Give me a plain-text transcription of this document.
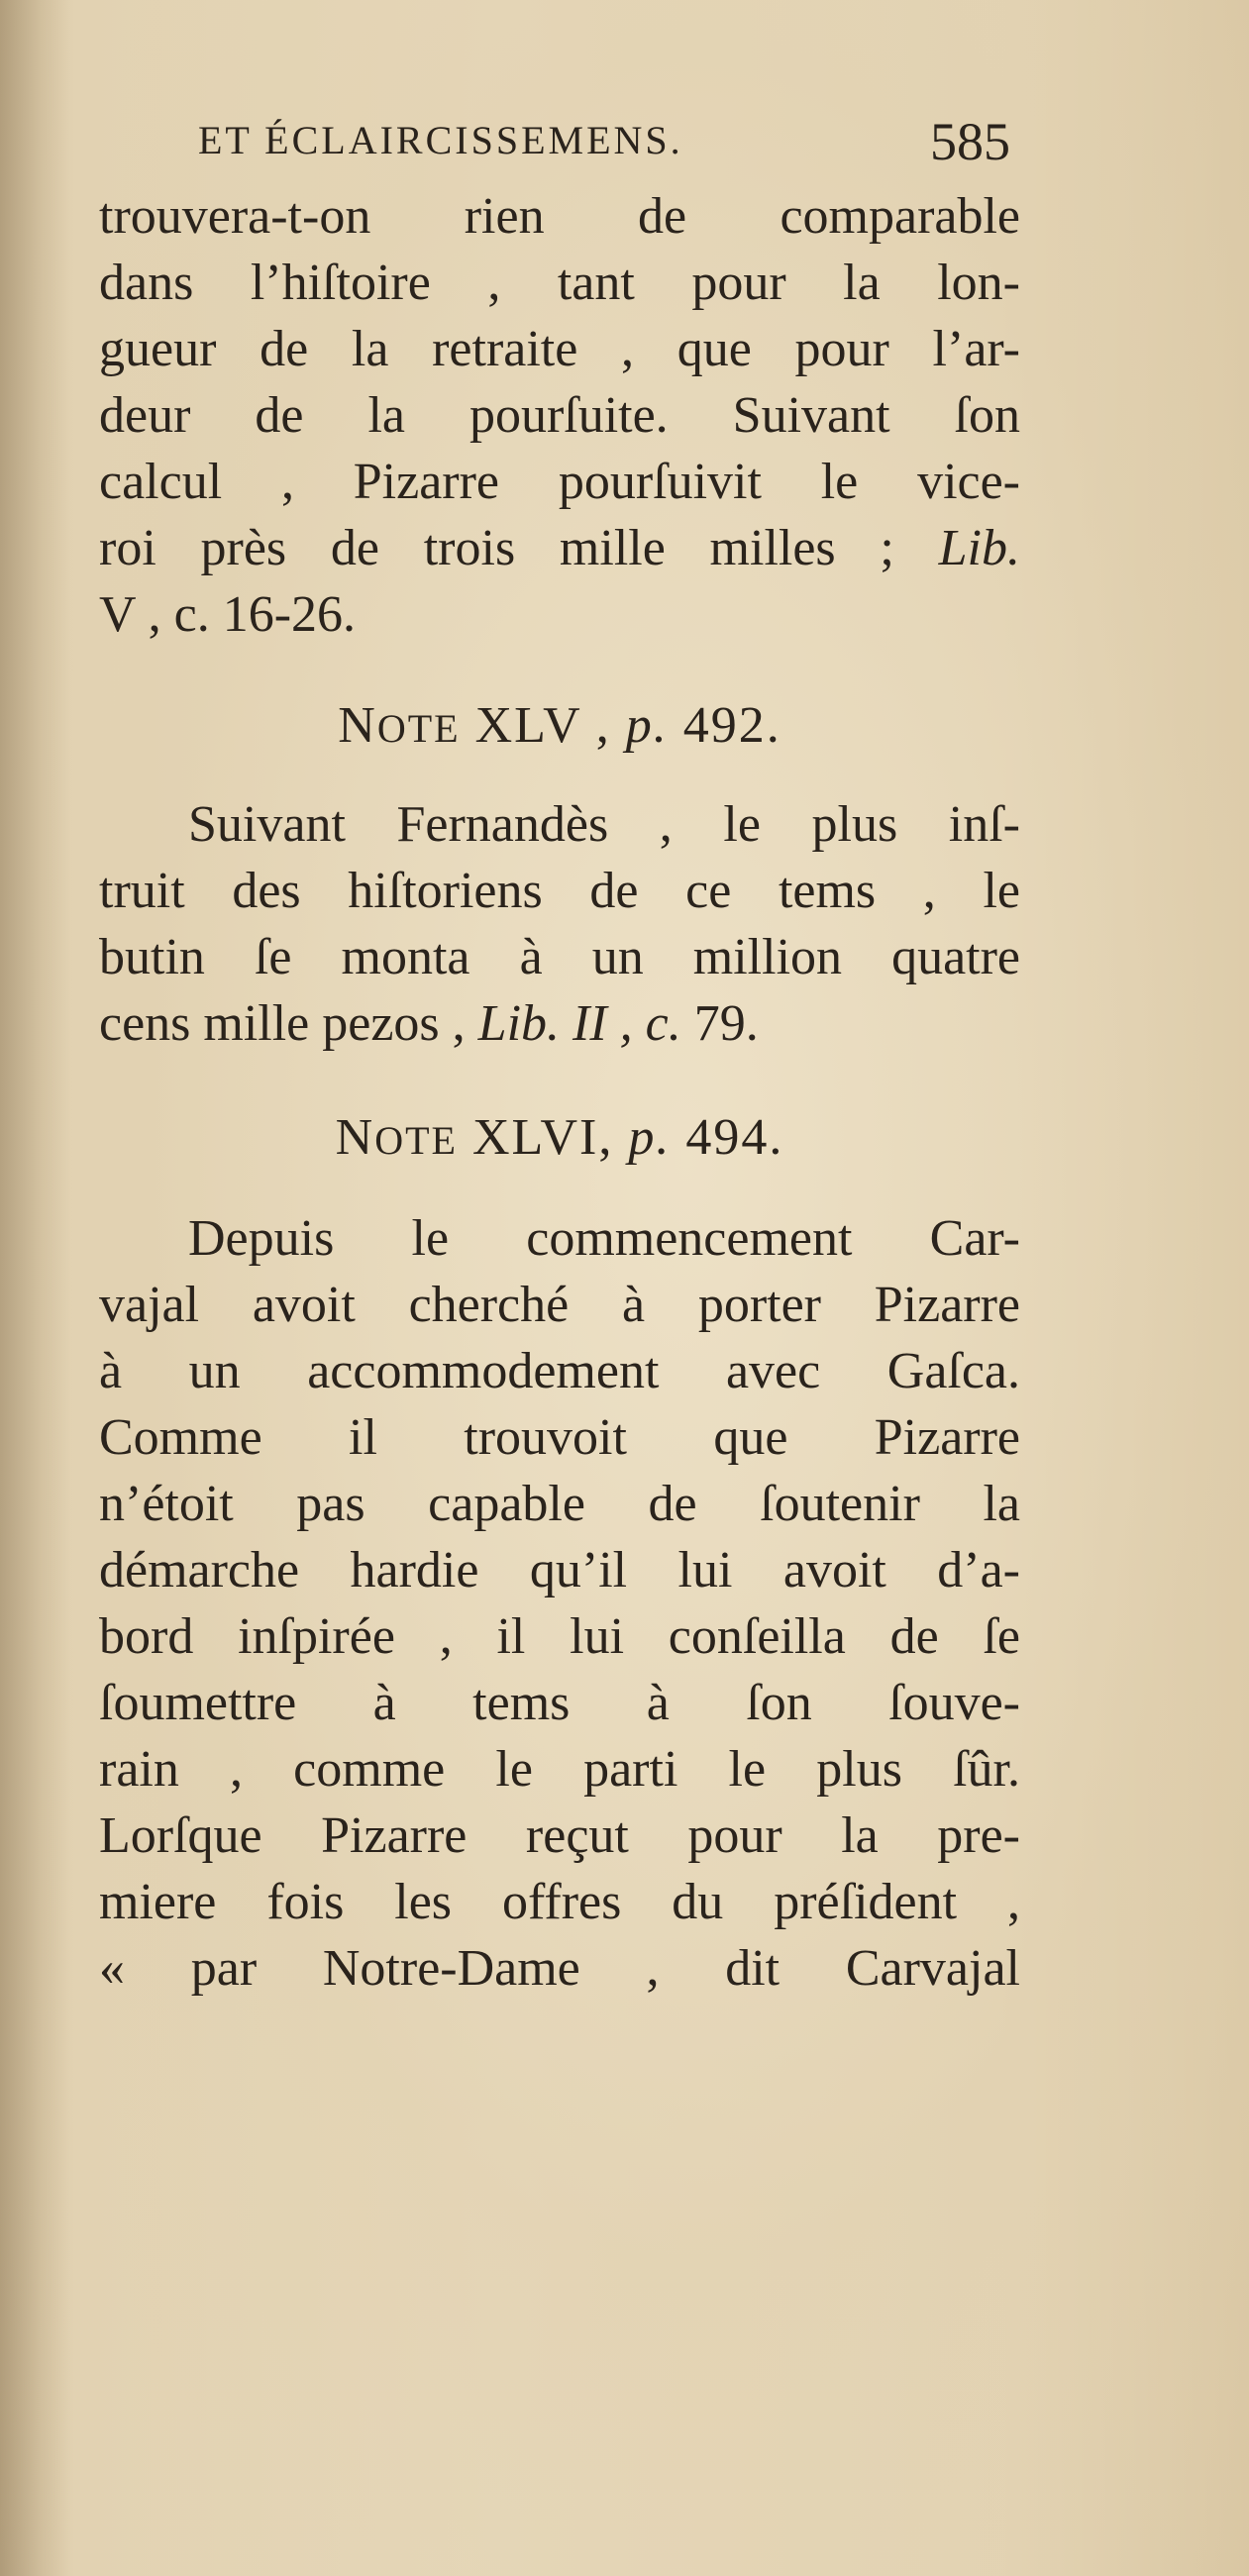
ET ÉCLAIRCISSEMENS.	585
trouvera-t-on rien de comparable
dans l’hiſtoire , tant pour la lon-
gueur de la retraite , que pour l’ar-
deur de la pourſuite. Suivant ſon
calcul , Pizarre pourſuivit le vice-
roi près de trois mille milles ; Lib.
V , c. 16-26.
NOTE XLV , p. 492.
Suivant Fernandès , le plus inſ-
truit des hiſtoriens de ce tems , le
butin ſe monta à un million quatre
cens mille pezos , Lib. II , c. 79.
NOTE XLVI, p. 494.
Depuis le commencement Car-
vajal avoit cherché à porter Pizarre
à un accommodement avec Gaſca.
Comme il trouvoit que Pizarre
n’étoit pas capable de ſoutenir la
démarche hardie qu’il lui avoit d’a-
bord inſpirée , il lui conſeilla de ſe
ſoumettre à tems à ſon ſouve-
rain , comme le parti le plus ſûr.
Lorſque Pizarre reçut pour la pre-
miere fois les offres du préſident ,
« par Notre-Dame , dit Carvajal
